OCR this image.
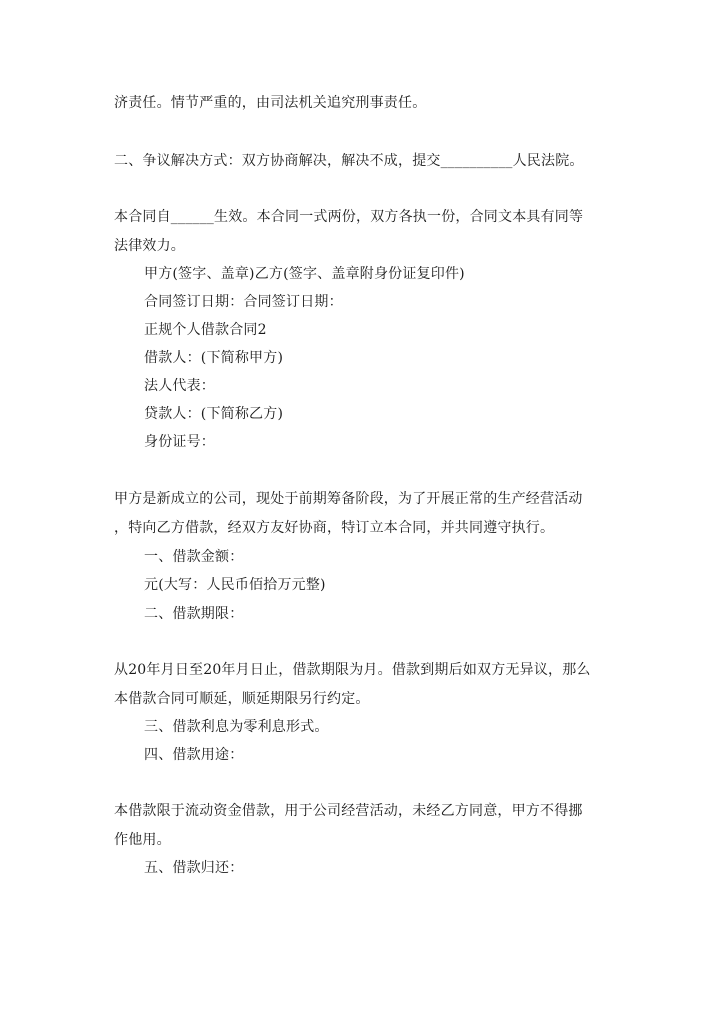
济责任。情节严重的，由司法机关追究刑事责任。
二、争议解决方式：双方协商解决，解决不成，提交__________人民法院。
本合同自______生效。本合同一式两份，双方各执一份，合同文本具有同等
法律效力。
甲方(签字、盖章)乙方(签字、盖章附身份证复印件)
合同签订日期：合同签订日期：
正规个人借款合同2
借款人：(下简称甲方)
法人代表：
贷款人：(下简称乙方)
身份证号：
甲方是新成立的公司，现处于前期筹备阶段，为了开展正常的生产经营活动
，特向乙方借款，经双方友好协商，特订立本合同，并共同遵守执行。
一、借款金额：
元(大写：人民币佰拾万元整)
二、借款期限：
从20年月日至20年月日止，借款期限为月。借款到期后如双方无异议，那么
本借款合同可顺延，顺延期限另行约定。
三、借款利息为零利息形式。
四、借款用途：
本借款限于流动资金借款，用于公司经营活动，未经乙方同意，甲方不得挪
作他用。
五、借款归还：
